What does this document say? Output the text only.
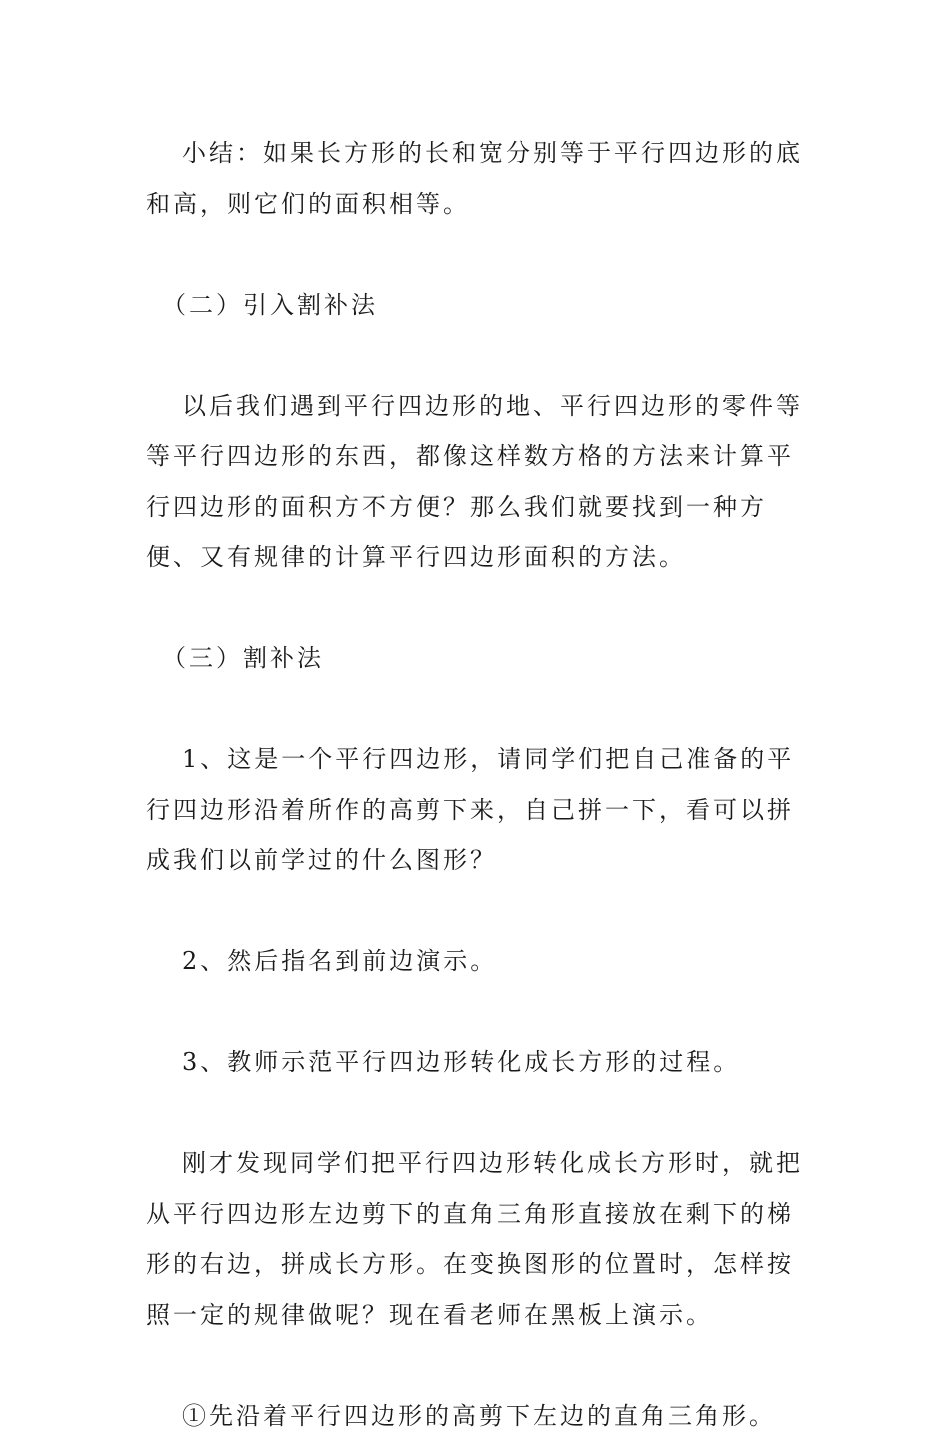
小结：如果长方形的长和宽分别等于平行四边形的底和高，则它们的面积相等。

（二）引入割补法

以后我们遇到平行四边形的地、平行四边形的零件等等平行四边形的东西，都像这样数方格的方法来计算平行四边形的面积方不方便？那么我们就要找到一种方便、又有规律的计算平行四边形面积的方法。

（三）割补法

1、这是一个平行四边形，请同学们把自己准备的平行四边形沿着所作的高剪下来，自己拼一下，看可以拼成我们以前学过的什么图形？

2、然后指名到前边演示。

3、教师示范平行四边形转化成长方形的过程。

刚才发现同学们把平行四边形转化成长方形时，就把从平行四边形左边剪下的直角三角形直接放在剩下的梯形的右边，拼成长方形。在变换图形的位置时，怎样按照一定的规律做呢？现在看老师在黑板上演示。

①先沿着平行四边形的高剪下左边的直角三角形。
